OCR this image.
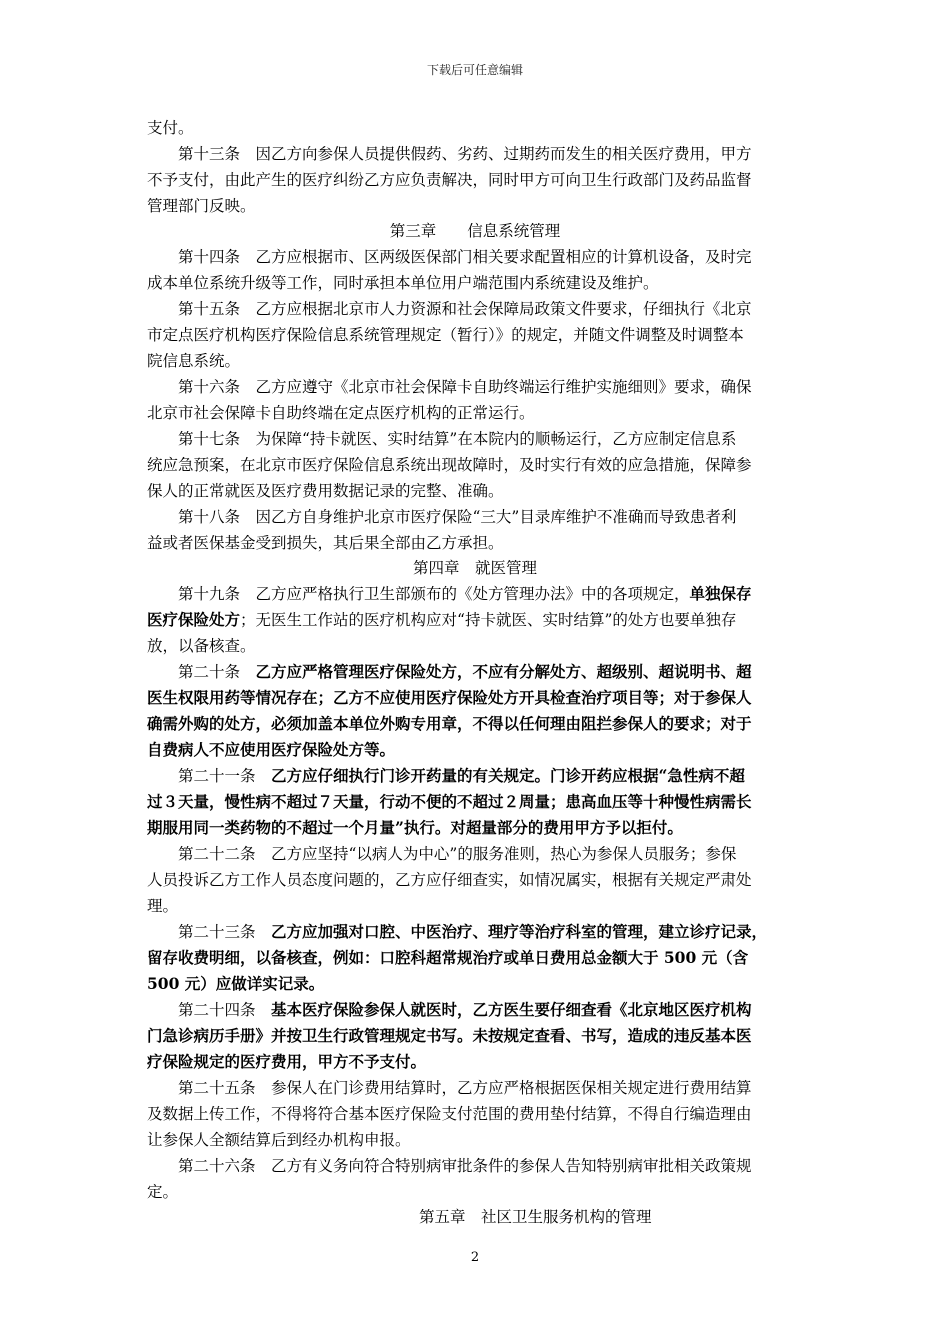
下载后可任意编辑
支付。
第十三条　因乙方向参保人员提供假药、劣药、过期药而发生的相关医疗费用，甲方
不予支付，由此产生的医疗纠纷乙方应负责解决，同时甲方可向卫生行政部门及药品监督
管理部门反映。
第三章　　信息系统管理
第十四条　乙方应根据市、区两级医保部门相关要求配置相应的计算机设备，及时完
成本单位系统升级等工作，同时承担本单位用户端范围内系统建设及维护。
第十五条　乙方应根据北京市人力资源和社会保障局政策文件要求，仔细执行《北京
市定点医疗机构医疗保险信息系统管理规定（暂行）》的规定，并随文件调整及时调整本
院信息系统。
第十六条　乙方应遵守《北京市社会保障卡自助终端运行维护实施细则》要求，确保
北京市社会保障卡自助终端在定点医疗机构的正常运行。
第十七条　为保障“持卡就医、实时结算”在本院内的顺畅运行，乙方应制定信息系
统应急预案，在北京市医疗保险信息系统出现故障时，及时实行有效的应急措施，保障参
保人的正常就医及医疗费用数据记录的完整、准确。
第十八条　因乙方自身维护北京市医疗保险“三大”目录库维护不准确而导致患者利
益或者医保基金受到损失，其后果全部由乙方承担。
第四章　就医管理
第十九条　乙方应严格执行卫生部颁布的《处方管理办法》中的各项规定，单独保存
医疗保险处方；无医生工作站的医疗机构应对“持卡就医、实时结算”的处方也要单独存
放，以备核查。
第二十条　乙方应严格管理医疗保险处方，不应有分解处方、超级别、超说明书、超
医生权限用药等情况存在；乙方不应使用医疗保险处方开具检查治疗项目等；对于参保人
确需外购的处方，必须加盖本单位外购专用章，不得以任何理由阻拦参保人的要求；对于
自费病人不应使用医疗保险处方等。
第二十一条　乙方应仔细执行门诊开药量的有关规定。门诊开药应根据“急性病不超
过３天量，慢性病不超过７天量，行动不便的不超过２周量；患高血压等十种慢性病需长
期服用同一类药物的不超过一个月量”执行。对超量部分的费用甲方予以拒付。
第二十二条　乙方应坚持“以病人为中心”的服务准则，热心为参保人员服务；参保
人员投诉乙方工作人员态度问题的，乙方应仔细查实，如情况属实，根据有关规定严肃处
理。
第二十三条　乙方应加强对口腔、中医治疗、理疗等治疗科室的管理，建立诊疗记录，
留存收费明细，以备核查，例如：口腔科超常规治疗或单日费用总金额大于 500 元（含
500 元）应做详实记录。
第二十四条　基本医疗保险参保人就医时，乙方医生要仔细查看《北京地区医疗机构
门急诊病历手册》并按卫生行政管理规定书写。未按规定查看、书写，造成的违反基本医
疗保险规定的医疗费用，甲方不予支付。
第二十五条　参保人在门诊费用结算时，乙方应严格根据医保相关规定进行费用结算
及数据上传工作，不得将符合基本医疗保险支付范围的费用垫付结算，不得自行编造理由
让参保人全额结算后到经办机构申报。
第二十六条　乙方有义务向符合特别病审批条件的参保人告知特别病审批相关政策规
定。
第五章　社区卫生服务机构的管理
2
